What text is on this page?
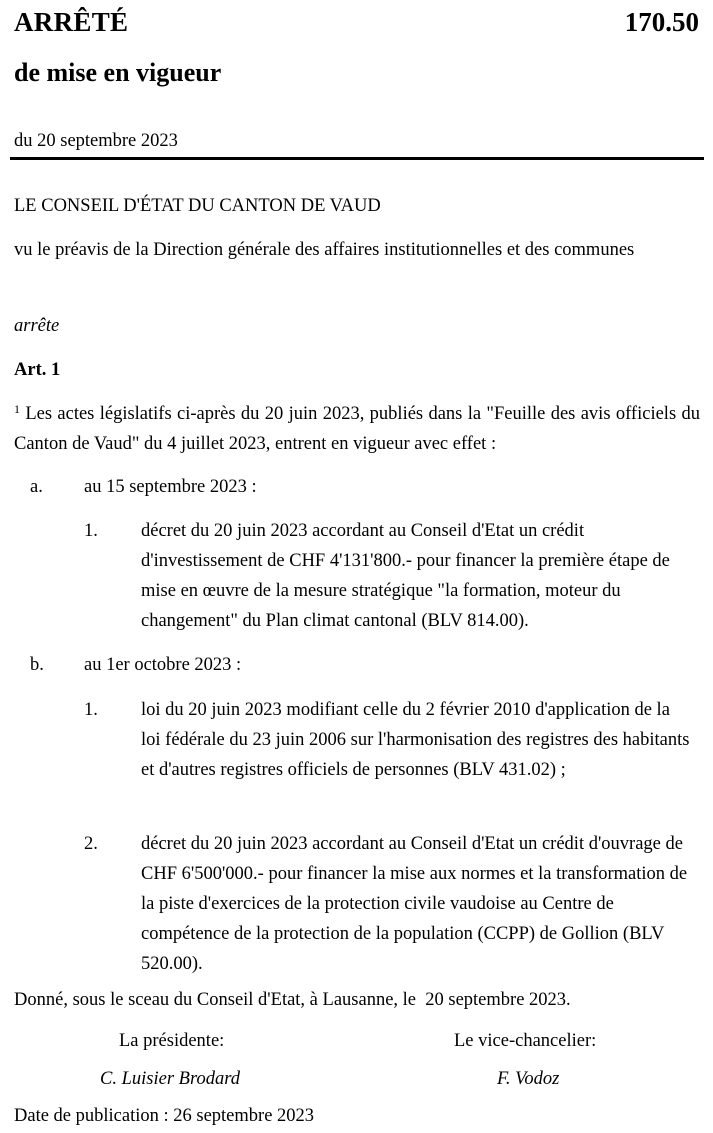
ARRÊTÉ	170.50
de mise en vigueur
du 20 septembre 2023
LE CONSEIL D'ÉTAT DU CANTON DE VAUD
vu le préavis de la Direction générale des affaires institutionnelles et des communes
arrête
Art. 1
$^1$ Les actes législatifs ci-après du 20 juin 2023, publiés dans la "Feuille des avis officiels du Canton de Vaud" du 4 juillet 2023, entrent en vigueur avec effet :
a. au 15 septembre 2023 :
1. décret du 20 juin 2023 accordant au Conseil d'Etat un crédit d'investissement de CHF 4'131'800.- pour financer la première étape de mise en œuvre de la mesure stratégique "la formation, moteur du changement" du Plan climat cantonal (BLV 814.00).
b. au 1er octobre 2023 :
1. loi du 20 juin 2023 modifiant celle du 2 février 2010 d'application de la loi fédérale du 23 juin 2006 sur l'harmonisation des registres des habitants et d'autres registres officiels de personnes (BLV 431.02) ;
2. décret du 20 juin 2023 accordant au Conseil d'Etat un crédit d'ouvrage de CHF 6'500'000.- pour financer la mise aux normes et la transformation de la piste d'exercices de la protection civile vaudoise au Centre de compétence de la protection de la population (CCPP) de Gollion (BLV 520.00).
Donné, sous le sceau du Conseil d'Etat, à Lausanne, le  20 septembre 2023.
La présidente:	Le vice-chancelier:
C. Luisier Brodard	F. Vodoz
Date de publication : 26 septembre 2023
